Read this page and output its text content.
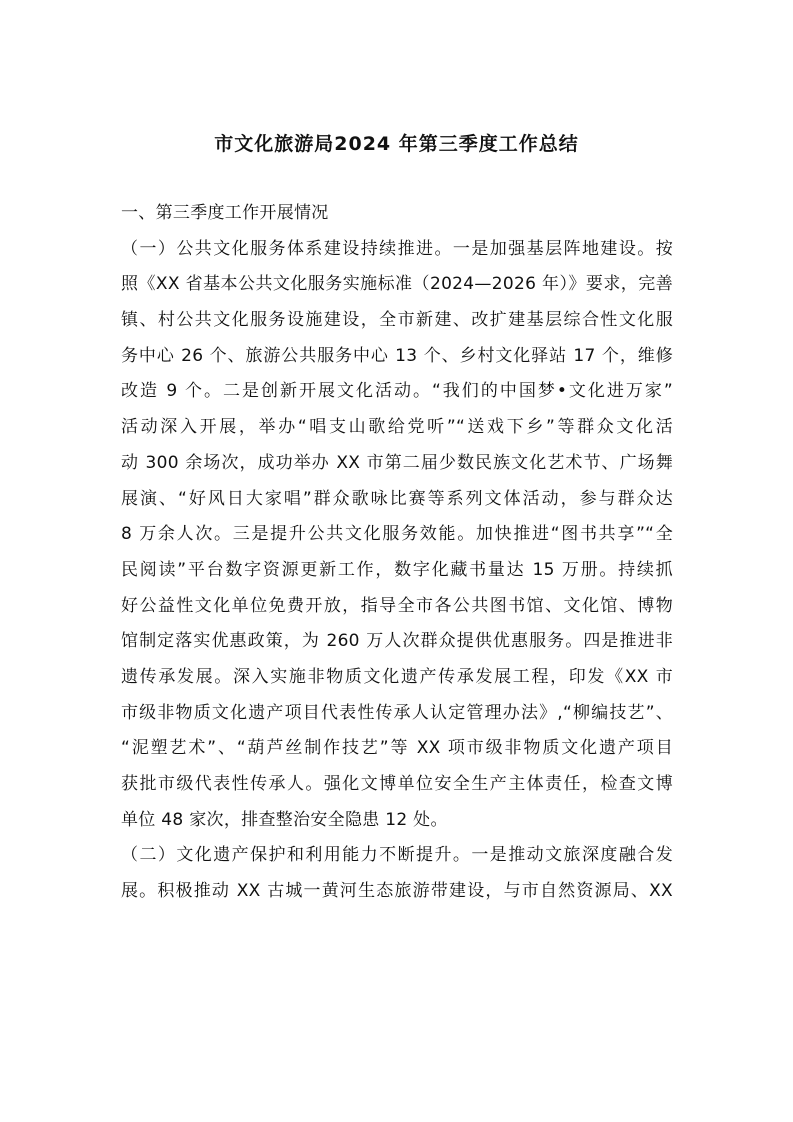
市文化旅游局2024 年第三季度工作总结
一、第三季度工作开展情况
（一）公共文化服务体系建设持续推进。一是加强基层阵地建设。按
照《XX 省基本公共文化服务实施标准（2024—2026 年）》要求，完善
镇、村公共文化服务设施建设，全市新建、改扩建基层综合性文化服
务中心 26 个、旅游公共服务中心 13 个、乡村文化驿站 17 个，维修
改造 9 个。二是创新开展文化活动。“我们的中国梦•文化进万家”
活动深入开展，举办“唱支山歌给党听”“送戏下乡”等群众文化活
动 300 余场次，成功举办 XX 市第二届少数民族文化艺术节、广场舞
展演、“好风日大家唱”群众歌咏比赛等系列文体活动，参与群众达
8 万余人次。三是提升公共文化服务效能。加快推进“图书共享”“全
民阅读”平台数字资源更新工作，数字化藏书量达 15 万册。持续抓
好公益性文化单位免费开放，指导全市各公共图书馆、文化馆、博物
馆制定落实优惠政策，为 260 万人次群众提供优惠服务。四是推进非
遗传承发展。深入实施非物质文化遗产传承发展工程，印发《XX 市
市级非物质文化遗产项目代表性传承人认定管理办法》,“柳编技艺”、
“泥塑艺术”、“葫芦丝制作技艺”等 XX 项市级非物质文化遗产项目
获批市级代表性传承人。强化文博单位安全生产主体责任，检查文博
单位 48 家次，排查整治安全隐患 12 处。
（二）文化遗产保护和利用能力不断提升。一是推动文旅深度融合发
展。积极推动 XX 古城一黄河生态旅游带建设，与市自然资源局、XX
